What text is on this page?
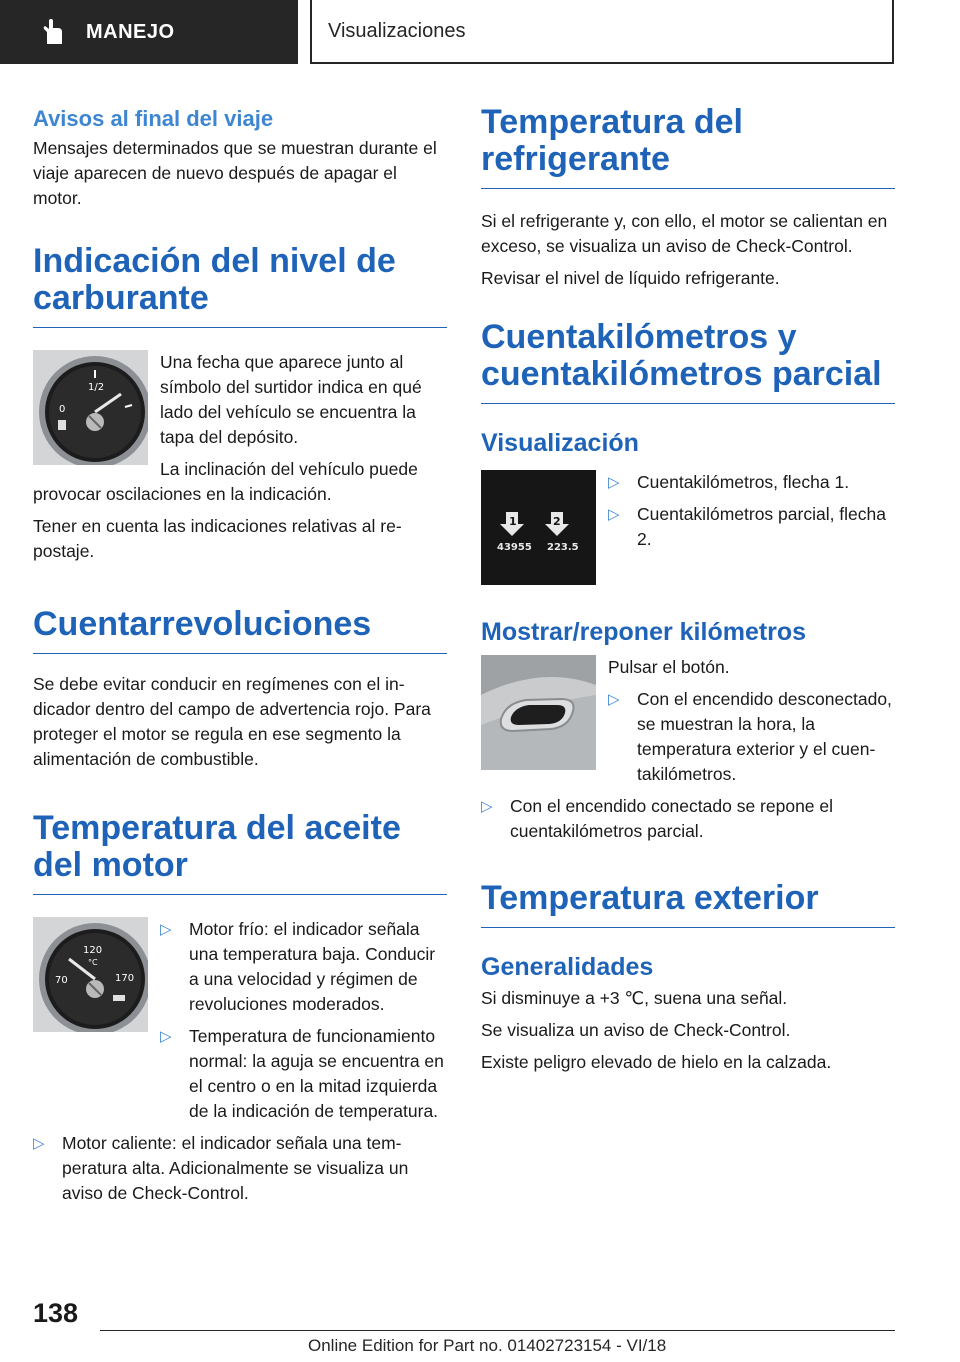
MANEJO	Visualizaciones
Avisos al final del viaje

Mensajes determinados que se muestran durante el viaje aparecen de nuevo después de apagar el motor.

Indicación del nivel de carburante
1/2
0

Una fecha que aparece junto al símbolo del surtidor indica en qué lado del vehículo se encuentra la tapa del depósito.

La inclinación del vehículo puede provocar oscilaciones en la indicación.

Tener en cuenta las indicaciones relativas al repostaje.

Cuentarrevoluciones

Se debe evitar conducir en regímenes con el indicador dentro del campo de advertencia rojo. Para proteger el motor se regula en ese segmento la alimentación de combustible.

Temperatura del aceite del motor
120
°C
70	170
▷ Motor frío: el indicador señala una temperatura baja. Conducir a una velocidad y régimen de revoluciones moderados.
▷ Temperatura de funcionamiento normal: la aguja se encuentra en el centro o en la mitad izquierda de la indicación de temperatura.
▷ Motor caliente: el indicador señala una temperatura alta. Adicionalmente se visualiza un aviso de Check-Control.
Temperatura del refrigerante

Si el refrigerante y, con ello, el motor se calientan en exceso, se visualiza un aviso de Check-Control.

Revisar el nivel de líquido refrigerante.

Cuentakilómetros y cuentakilómetros parcial
Visualización
1	2
43955 223.5
▷ Cuentakilómetros, flecha 1.
▷ Cuentakilómetros parcial, flecha 2.
Mostrar/reponer kilómetros

Pulsar el botón.

▷ Con el encendido desconectado, se muestran la hora, la temperatura exterior y el cuentakilómetros.
▷ Con el encendido conectado se repone el cuentakilómetros parcial.
Temperatura exterior
Generalidades

Si disminuye a +3 ℃, suena una señal.

Se visualiza un aviso de Check-Control.

Existe peligro elevado de hielo en la calzada.

138
Online Edition for Part no. 01402723154 - VI/18
